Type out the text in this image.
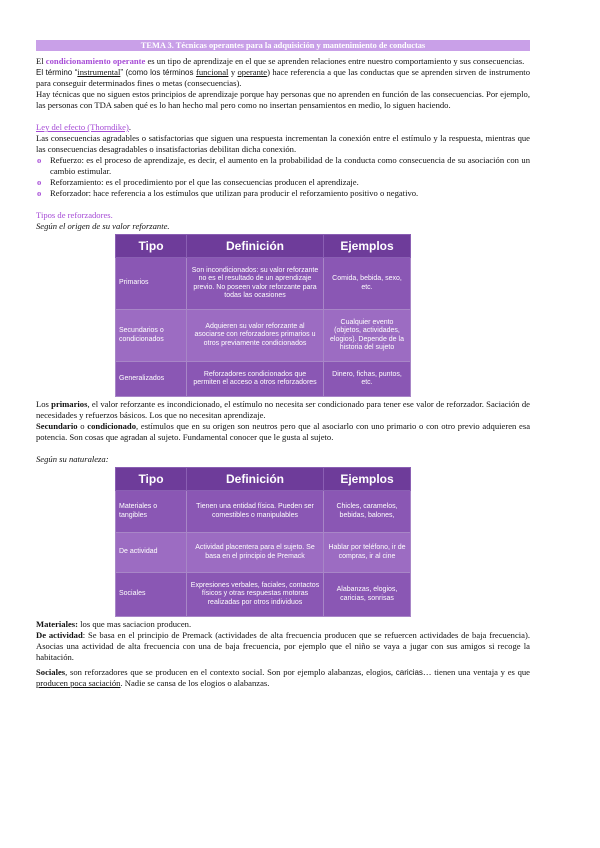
TEMA 3. Técnicas operantes para la adquisición y mantenimiento de conductas

El condicionamiento operante es un tipo de aprendizaje en el que se aprenden relaciones entre nuestro comportamiento y sus consecuencias.

El término “instrumental” (como los términos funcional y operante) hace referencia a que las conductas que se aprenden sirven de instrumento para conseguir determinados fines o metas (consecuencias).

Hay técnicas que no siguen estos principios de aprendizaje porque hay personas que no aprenden en función de las consecuencias. Por ejemplo, las personas con TDA saben qué es lo han hecho mal pero como no insertan pensamientos en medio, lo siguen haciendo.

Ley del efecto (Thorndike).

Las consecuencias agradables o satisfactorias que siguen una respuesta incrementan la conexión entre el estímulo y la respuesta, mientras que las consecuencias desagradables o insatisfactorias debilitan dicha conexión.

o Refuerzo: es el proceso de aprendizaje, es decir, el aumento en la probabilidad de la conducta como consecuencia de su asociación con un cambio estimular.
o Reforzamiento: es el procedimiento por el que las consecuencias producen el aprendizaje.
o Reforzador: hace referencia a los estímulos que utilizan para producir el reforzamiento positivo o negativo.

Tipos de reforzadores.

Según el origen de su valor reforzante.

Tipo	Definición	Ejemplos
Primarios	Son incondicionados: su valor reforzante no es el resultado de un aprendizaje previo. No poseen valor reforzante para todas las ocasiones	Comida, bebida, sexo, etc.
Secundarios o condicionados	Adquieren su valor reforzante al asociarse con reforzadores primarios u otros previamente condicionados	Cualquier evento (objetos, actividades, elogios). Depende de la historia del sujeto
Generalizados	Reforzadores condicionados que permiten el acceso a otros reforzadores	Dinero, fichas, puntos, etc.

Los primarios, el valor reforzante es incondicionado, el estímulo no necesita ser condicionado para tener ese valor de reforzador. Saciación de necesidades y refuerzos básicos. Los que no necesitan aprendizaje.

Secundario o condicionado, estímulos que en su origen son neutros pero que al asociarlo con uno primario o con otro previo adquieren esa potencia. Son cosas que agradan al sujeto. Fundamental conocer que le gusta al sujeto.

Según su naturaleza:

Tipo	Definición	Ejemplos
Materiales o tangibles	Tienen una entidad física. Pueden ser comestibles o manipulables	Chicles, caramelos, bebidas, balones,
De actividad	Actividad placentera para el sujeto. Se basa en el principio de Premack	Hablar por teléfono, ir de compras, ir al cine
Sociales	Expresiones verbales, faciales, contactos físicos y otras respuestas motoras realizadas por otros individuos	Alabanzas, elogios, caricias, sonrisas

Materiales: los que mas saciacion producen.

De actividad: Se basa en el principio de Premack (actividades de alta frecuencia producen que se refuercen actividades de baja frecuencia). Asocias una actividad de alta frecuencia con una de baja frecuencia, por ejemplo que el niño se vaya a jugar con sus amigos si recoge la habitación.

Sociales, son reforzadores que se producen en el contexto social. Son por ejemplo alabanzas, elogios, caricias… tienen una ventaja y es que producen poca saciación. Nadie se cansa de los elogios o alabanzas.
